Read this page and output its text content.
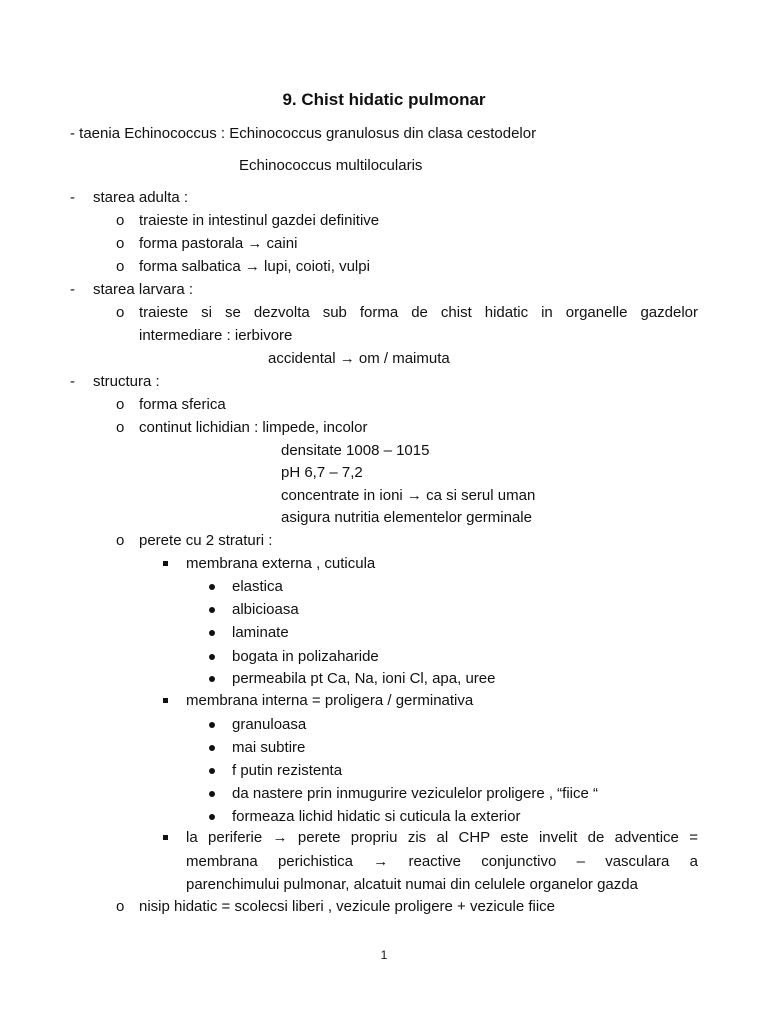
9. Chist hidatic pulmonar
- taenia Echinococcus : Echinococcus granulosus din clasa cestodelor
Echinococcus multilocularis
- starea adulta :
o traieste in intestinul gazdei definitive
o forma pastorala → caini
o forma salbatica → lupi, coioti, vulpi
- starea larvara :
o traieste si se dezvolta sub forma de chist hidatic in organelle gazdelor
intermediare : ierbivore
accidental → om / maimuta
- structura :
o forma sferica
o continut lichidian : limpede, incolor
densitate 1008 – 1015
pH 6,7 – 7,2
concentrate in ioni → ca si serul uman
asigura nutritia elementelor germinale
o perete cu 2 straturi :
membrana externa , cuticula
elastica
albicioasa
laminate
bogata in polizaharide
permeabila pt Ca, Na, ioni Cl, apa, uree
membrana interna = proligera / germinativa
granuloasa
mai subtire
f putin rezistenta
da nastere prin inmugurire veziculelor proligere , “fiice “
formeaza lichid hidatic si cuticula la exterior
la periferie → perete propriu zis al CHP este invelit de adventice =
membrana perichistica → reactive conjunctivo – vasculara a
parenchimului pulmonar, alcatuit numai din celulele organelor gazda
o nisip hidatic = scolecsi liberi , vezicule proligere + vezicule fiice
1
